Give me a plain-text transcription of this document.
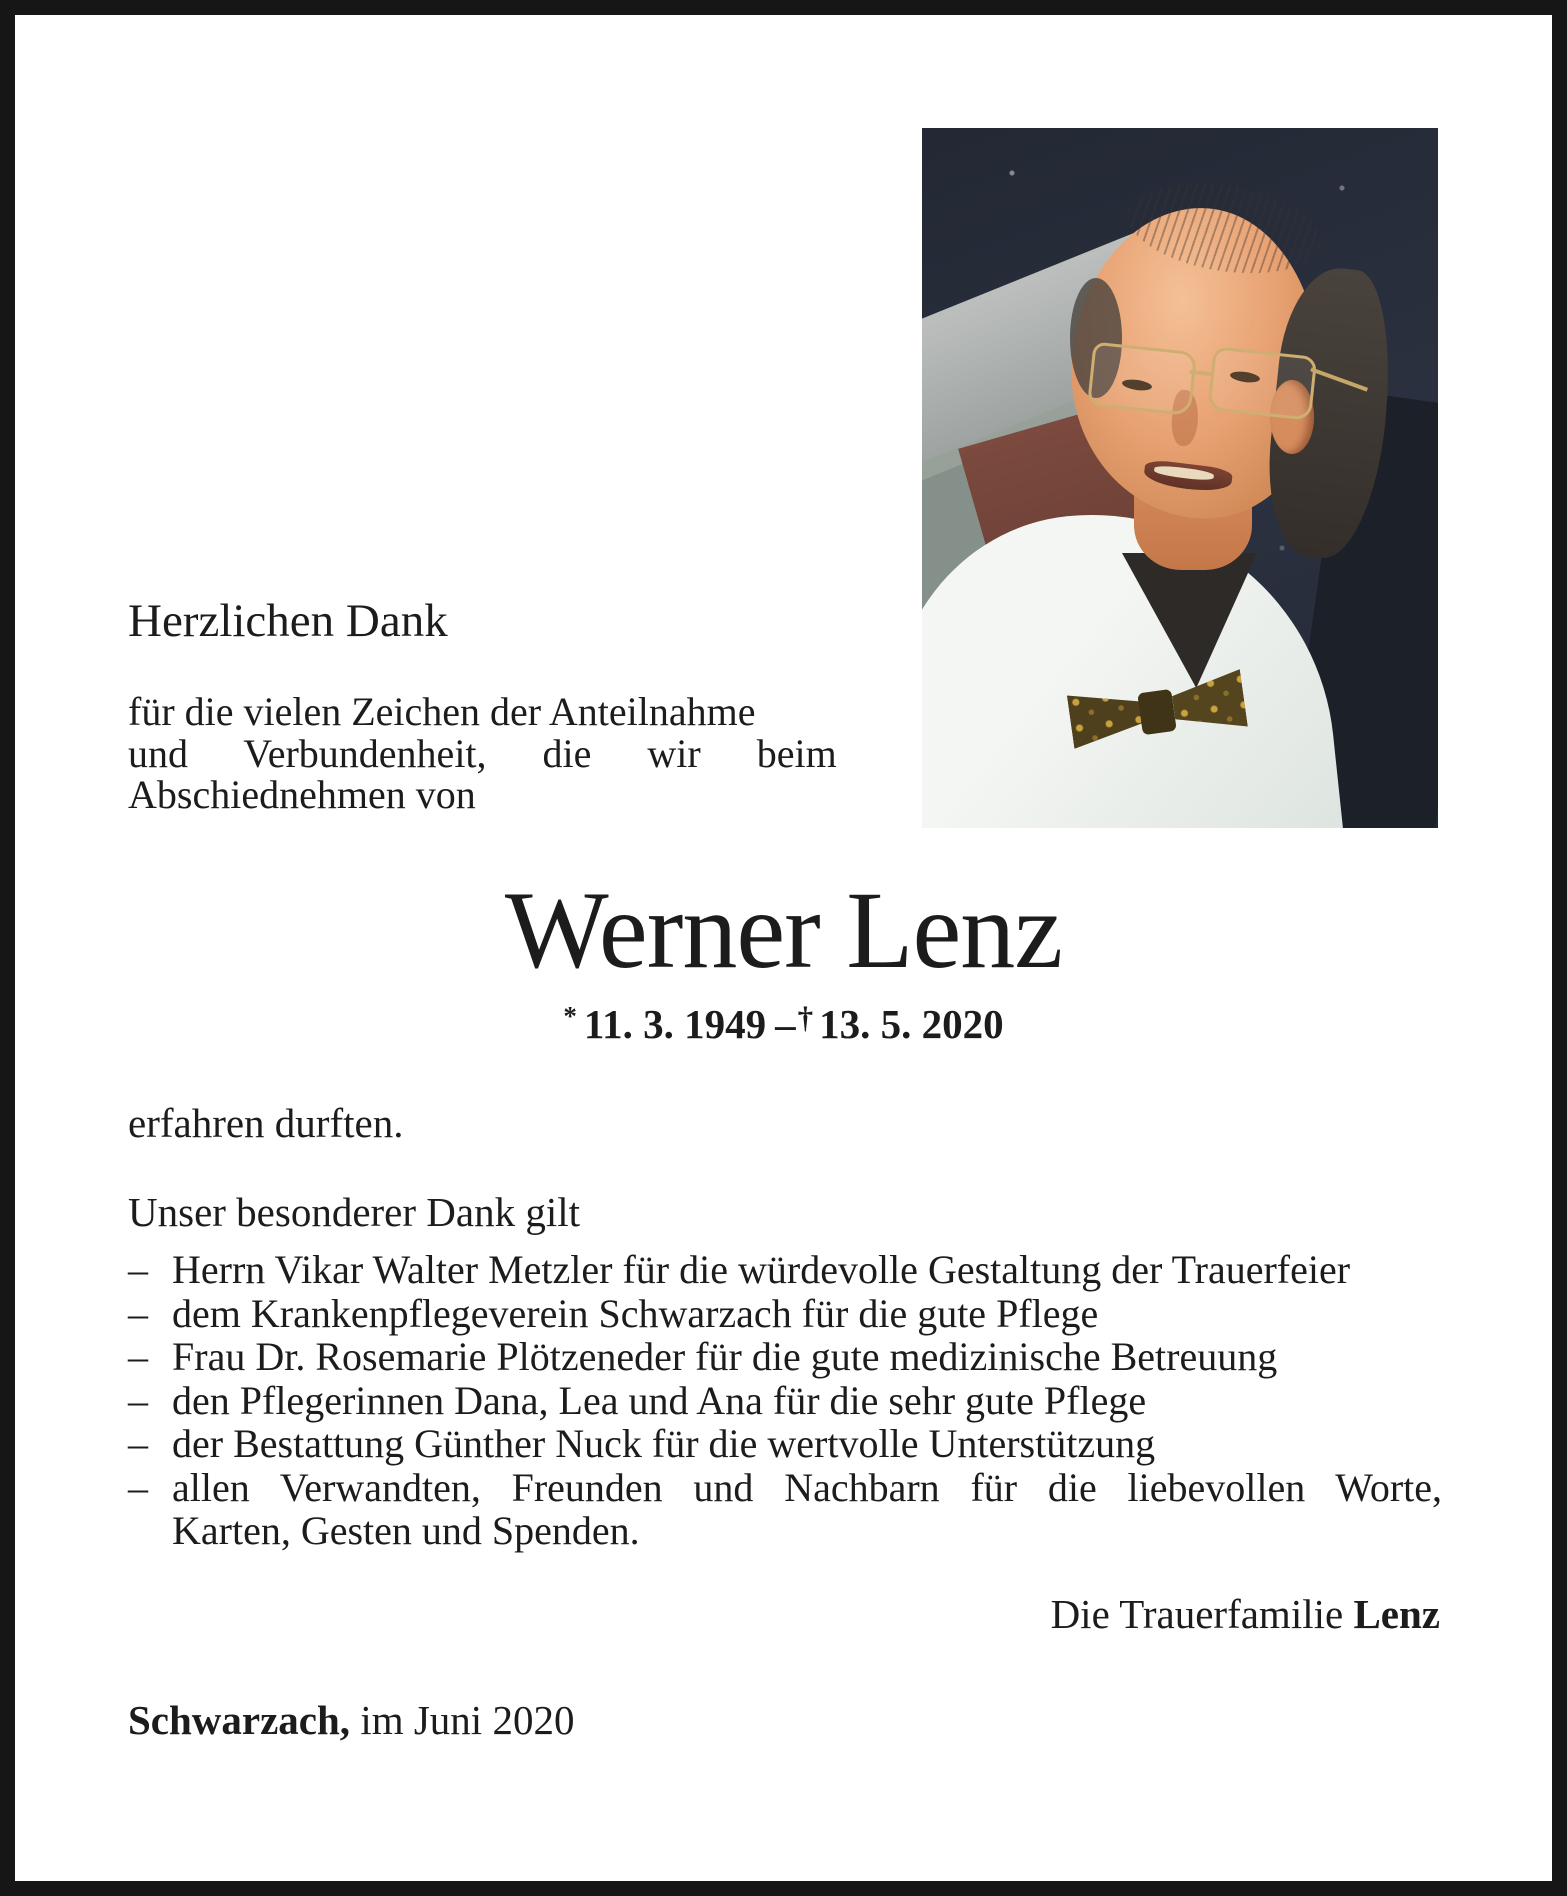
Herzlichen Dank
für die vielen Zeichen der Anteilnahme
und Verbundenheit, die wir beim
Abschiednehmen von
Werner Lenz
* 11. 3. 1949 –† 13. 5. 2020
erfahren durften.
Unser besonderer Dank gilt
– Herrn Vikar Walter Metzler für die würdevolle Gestaltung der Trauerfeier
– dem Krankenpflegeverein Schwarzach für die gute Pflege
– Frau Dr. Rosemarie Plötzeneder für die gute medizinische Betreuung
– den Pflegerinnen Dana, Lea und Ana für die sehr gute Pflege
– der Bestattung Günther Nuck für die wertvolle Unterstützung
– allen Verwandten, Freunden und Nachbarn für die liebevollen Worte,
Karten, Gesten und Spenden.
Die Trauerfamilie Lenz
Schwarzach, im Juni 2020
